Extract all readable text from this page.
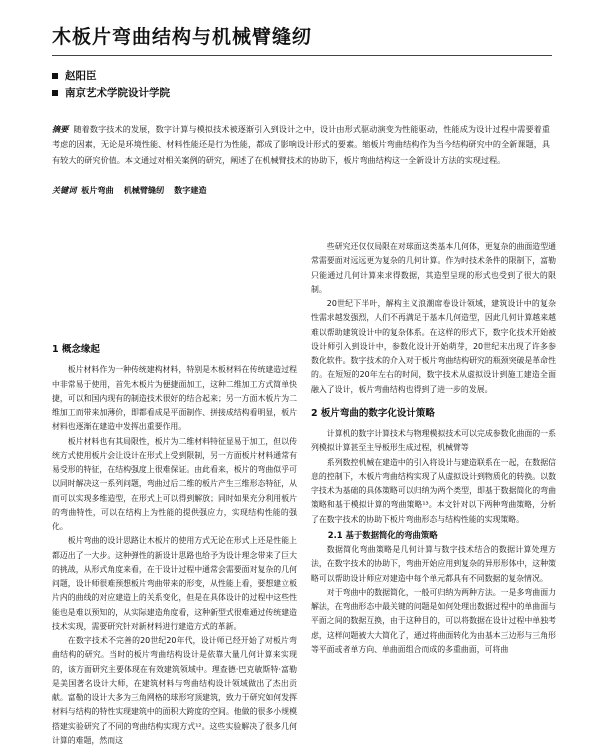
木板片弯曲结构与机械臂缝纫
赵阳臣
南京艺术学院设计学院

摘要 随着数字技术的发展，数字计算与模拟技术被逐渐引入到设计之中，设计由形式驱动演变为性能驱动，性能成为设计过程中需要着重考虑的因素，无论是环境性能、材料性能还是行为性能，都成了影响设计形式的要素。缩板片弯曲结构作为当今结构研究中的全新课题，具有较大的研究价值。本文通过对相关案例的研究，阐述了在机械臂技术的协助下，板片弯曲结构这一全新设计方法的实现过程。

关键词 板片弯曲 机械臂缝纫 数字建造

1 概念缘起

板片材料作为一种传统建构材料，特别是木板材料在传统建造过程中非常易于使用，首先木板片为便捷面加工，这种二维加工方式简单快捷，可以和国内现有的制造技术很好的结合起来；另一方面木板片为二维加工而带来加薄价，即都看成是平面制作、拼接成结构看明显，板片材料也逐渐在建造中发挥出重要作用。

板片材料也有其局限性，板片为二维材料特征显易于加工，但以传统方式使用板片会让设计在形式上受到限制，另一方面板片材料通常有易受形的特征，在结构强度上很难保证。由此看来，板片的弯曲似乎可以同时解决这一系列问题，弯曲过后二维的板片产生三维形态特征，从而可以实现多维造型，在形式上可以得到解放；同时如果充分利用板片的弯曲特性，可以在结构上为性能的提供强应力，实现结构性能的强化。

板片弯曲的设计思路让木板片的使用方式无论在形式上还是性能上都迈出了一大步。这种弹性的新设计思路也给予为设计理念带来了巨大的挑战，从形式角度来看，在于设计过程中通常会需要面对复杂的几何问题，设计师很难预想板片弯曲带来的形变，从性能上看，要想建立板片内的曲线的对应建造上的关系变化，但是在具体设计的过程中这些性能也是难以预知的，从实际建造角度看，这种新型式很难通过传统建造技术实现，需要研究针对新材料进行建造方式的革新。

在数字技术不完善的20世纪20年代，设计师已经开始了对板片弯曲结构的研究。当时的板片弯曲结构设计是依靠大量几何计算来实现的，该方面研究主要体现在有效建筑领域中。理查德·巴克敏斯特·富勒是美国著名设计大师，在建筑材料与弯曲结构设计领域做出了杰出贡献。富勒的设计大多为三角网格的球形穹顶建筑，致力于研究如何发挥材料与结构的特性实现建筑中的面积大跨度的空间。他做的很多小规模搭建实验研究了不同的弯曲结构实现方式¹²。这些实验解决了很多几何计算的难题，然而这

些研究还仅仅局限在对球面这类基本几何体，更复杂的曲面造型通常需要面对远远更为复杂的几何计算。作为时技术条件的限制下，富勒只能通过几何计算来求得数据，其造型呈现的形式也受到了很大的限制。

20世纪下半叶，解构主义浪潮席卷设计领域，建筑设计中的复杂性需求越发强烈，人们不再满足于基本几何造型，因此几何计算越来越难以帮助建筑设计中的复杂体系。在这样的形式下，数字化技术开始被设计师引入到设计中，参数化设计开始萌芽，20世纪末出现了许多参数化软件。数字技术的介入对于板片弯曲结构研究的瓶颈突破是革命性的。在短短的20年左右的时间，数字技术从虚拟设计到施工建造全面融入了设计，板片弯曲结构也得到了进一步的发展。

2 板片弯曲的数字化设计策略

计算机的数字计算技术与物理模拟技术可以完成参数化曲面的一系列模拟计算甚至主导板形生成过程，机械臂等

系列数控机械在建造中的引入将设计与建造联系在一起，在数据信息的控制下，木板片弯曲结构实现了从虚拟设计到物质化的转换。以数字技术为基础的具体策略可以归纳为两个类型，即基于数据简化的弯曲策略和基于模拟计算的弯曲策略¹³。本文针对以下两种弯曲策略，分析了在数字技术的协助下板片弯曲形态与结构性能的实现策略。

2.1 基于数据简化的弯曲策略

数据简化弯曲策略是几何计算与数字技术结合的数据计算处理方法，在数字技术的协助下，弯曲开始应用到复杂的异形形体中，这种策略可以帮助设计师应对建造中每个单元都具有不同数据的复杂情况。

对于弯曲中的数据简化，一般可归纳为两种方法。一是多弯曲面力解法，在弯曲形态中最关键的问题是如何处理出数据过程中的单曲面与平面之间的数据互换，由于这种目的，可以将数据在设计过程中单独考虑，这样问题被大大简化了，通过将曲面转化为由基本三边形与三角形等平面或者单方向、单曲面组合而成的多重曲面，可将曲
